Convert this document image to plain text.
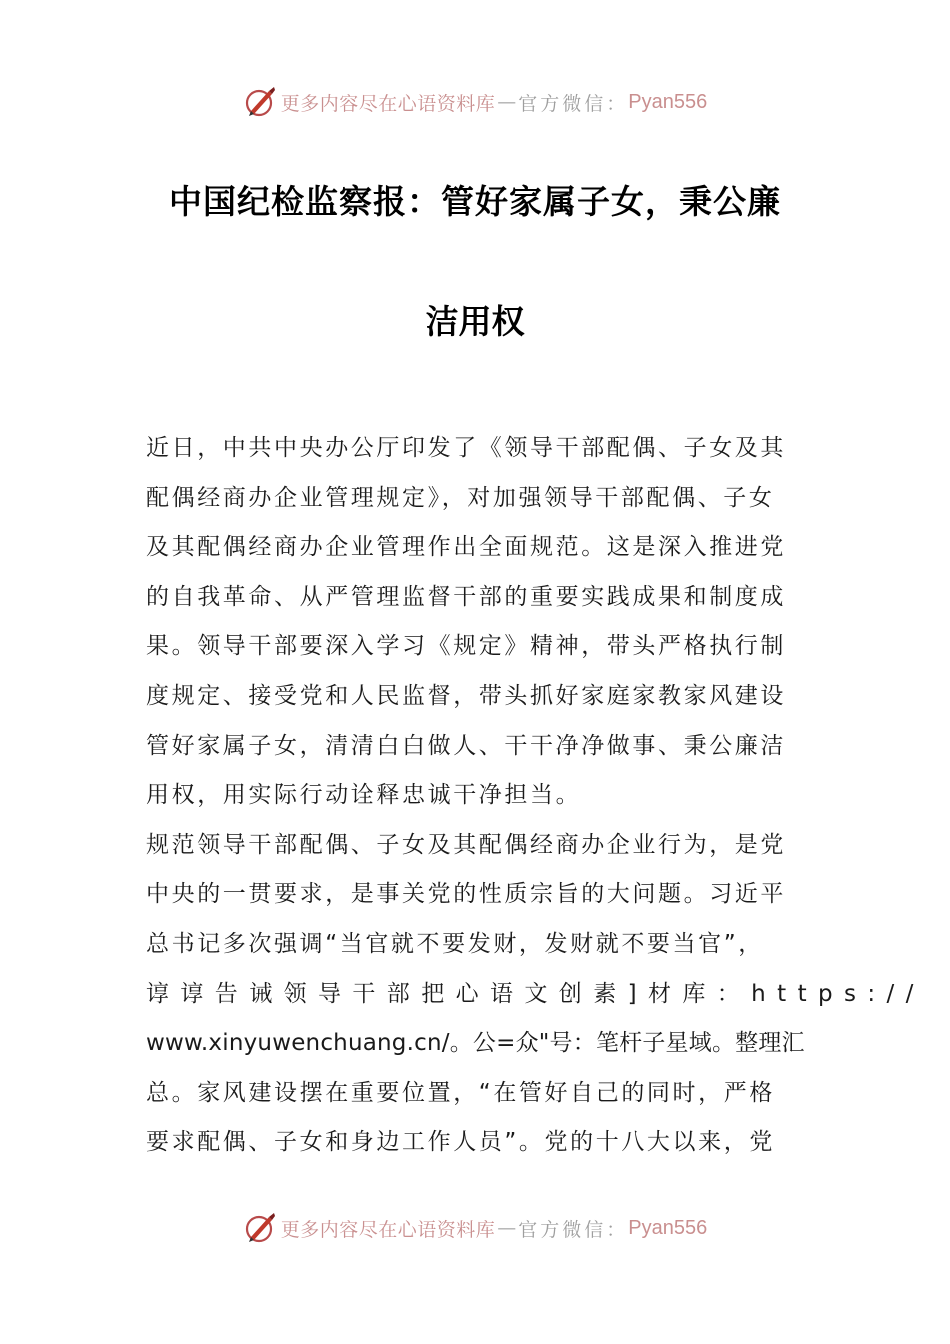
更多内容尽在心语资料库 — 官方微信： Pyan556
中国纪检监察报：管好家属子女，秉公廉
洁用权
近日，中共中央办公厅印发了《领导干部配偶、子女及其
配偶经商办企业管理规定》，对加强领导干部配偶、子女
及其配偶经商办企业管理作出全面规范。这是深入推进党
的自我革命、从严管理监督干部的重要实践成果和制度成
果。领导干部要深入学习《规定》精神，带头严格执行制
度规定、接受党和人民监督，带头抓好家庭家教家风建设
管好家属子女，清清白白做人、干干净净做事、秉公廉洁
用权，用实际行动诠释忠诚干净担当。
规范领导干部配偶、子女及其配偶经商办企业行为，是党
中央的一贯要求，是事关党的性质宗旨的大问题。习近平
总书记多次强调“当官就不要发财，发财就不要当官”，
谆谆告诫领导干部把心语文创素]材库：https://
www.xinyuwenchuang.cn/。公=众"号：笔杆子星域。整理汇
总。家风建设摆在重要位置，“在管好自己的同时，严格
要求配偶、子女和身边工作人员”。党的十八大以来，党
更多内容尽在心语资料库 — 官方微信： Pyan556
